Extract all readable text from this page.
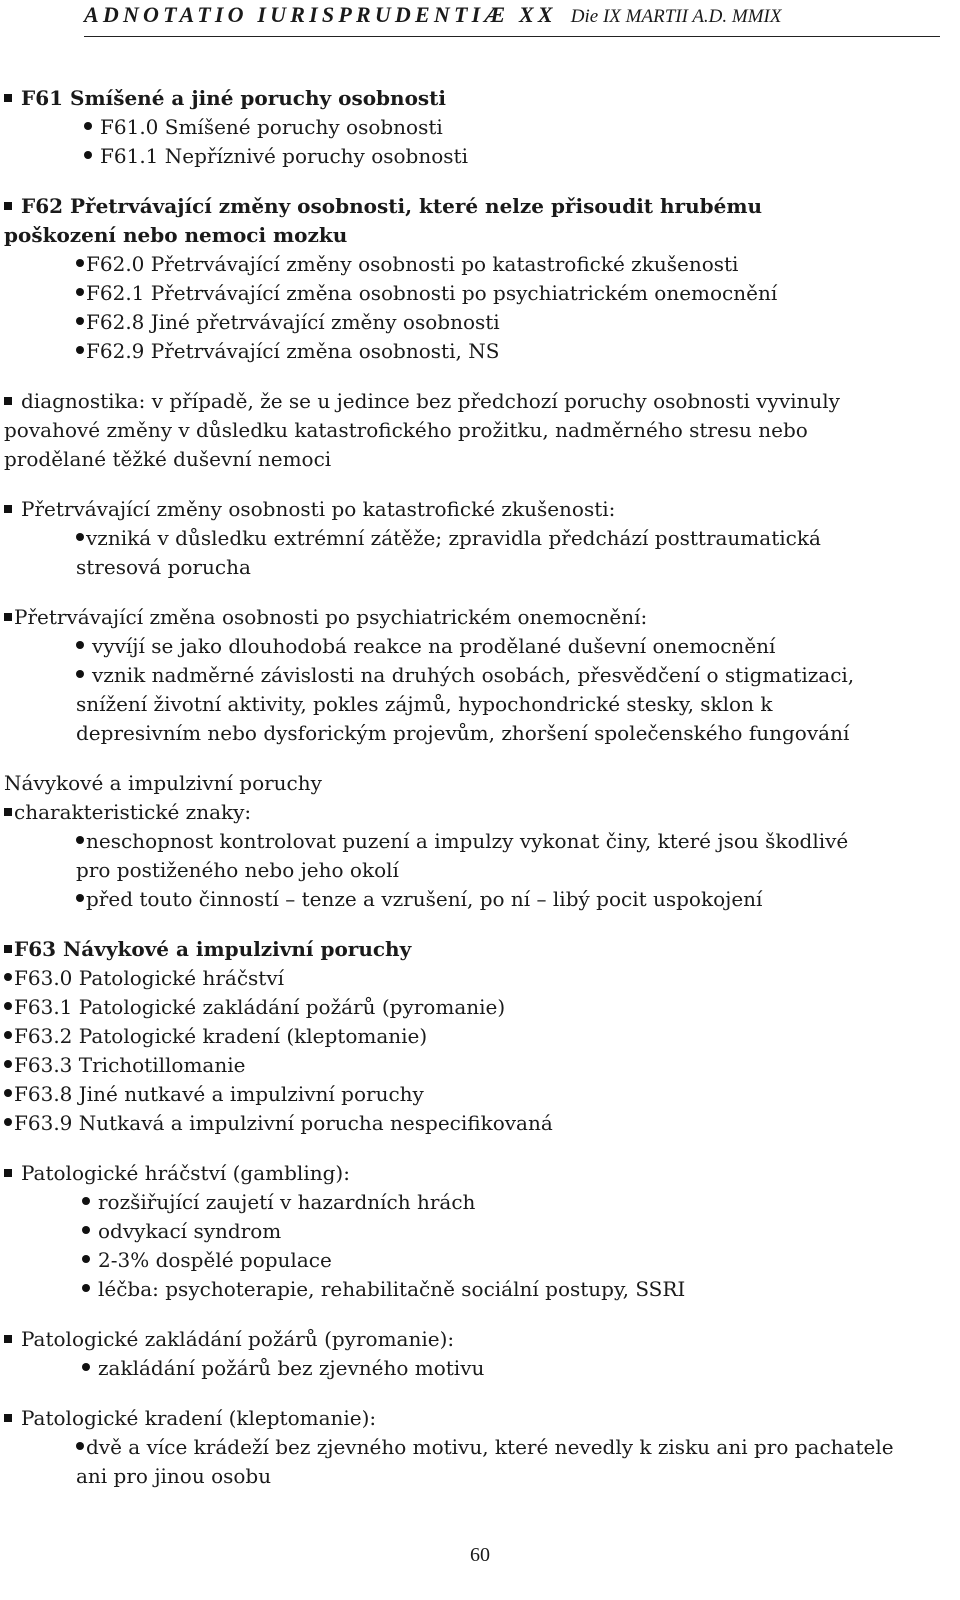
ADNOTATIO IURISPRUDENTIÆ XX Die IX MARTII A.D. MMIX
F61 Smíšené a jiné poruchy osobnosti
F61.0 Smíšené poruchy osobnosti
F61.1 Nepříznivé poruchy osobnosti
F62 Přetrvávající změny osobnosti, které nelze přisoudit hrubému
poškození nebo nemoci mozku
F62.0 Přetrvávající změny osobnosti po katastrofické zkušenosti
F62.1 Přetrvávající změna osobnosti po psychiatrickém onemocnění
F62.8 Jiné přetrvávající změny osobnosti
F62.9 Přetrvávající změna osobnosti, NS
diagnostika: v případě, že se u jedince bez předchozí poruchy osobnosti vyvinuly
povahové změny v důsledku katastrofického prožitku, nadměrného stresu nebo
prodělané těžké duševní nemoci
Přetrvávající změny osobnosti po katastrofické zkušenosti:
vzniká v důsledku extrémní zátěže; zpravidla předchází posttraumatická
stresová porucha
Přetrvávající změna osobnosti po psychiatrickém onemocnění:
vyvíjí se jako dlouhodobá reakce na prodělané duševní onemocnění
vznik nadměrné závislosti na druhých osobách, přesvědčení o stigmatizaci,
snížení životní aktivity, pokles zájmů, hypochondrické stesky, sklon k
depresivním nebo dysforickým projevům, zhoršení společenského fungování
Návykové a impulzivní poruchy
charakteristické znaky:
neschopnost kontrolovat puzení a impulzy vykonat činy, které jsou škodlivé
pro postiženého nebo jeho okolí
před touto činností – tenze a vzrušení, po ní – libý pocit uspokojení
F63 Návykové a impulzivní poruchy
F63.0 Patologické hráčství
F63.1 Patologické zakládání požárů (pyromanie)
F63.2 Patologické kradení (kleptomanie)
F63.3 Trichotillomanie
F63.8 Jiné nutkavé a impulzivní poruchy
F63.9 Nutkavá a impulzivní porucha nespecifikovaná
Patologické hráčství (gambling):
rozšiřující zaujetí v hazardních hrách
odvykací syndrom
2-3% dospělé populace
léčba: psychoterapie, rehabilitačně sociální postupy, SSRI
Patologické zakládání požárů (pyromanie):
zakládání požárů bez zjevného motivu
Patologické kradení (kleptomanie):
dvě a více krádeží bez zjevného motivu, které nevedly k zisku ani pro pachatele
ani pro jinou osobu
60
